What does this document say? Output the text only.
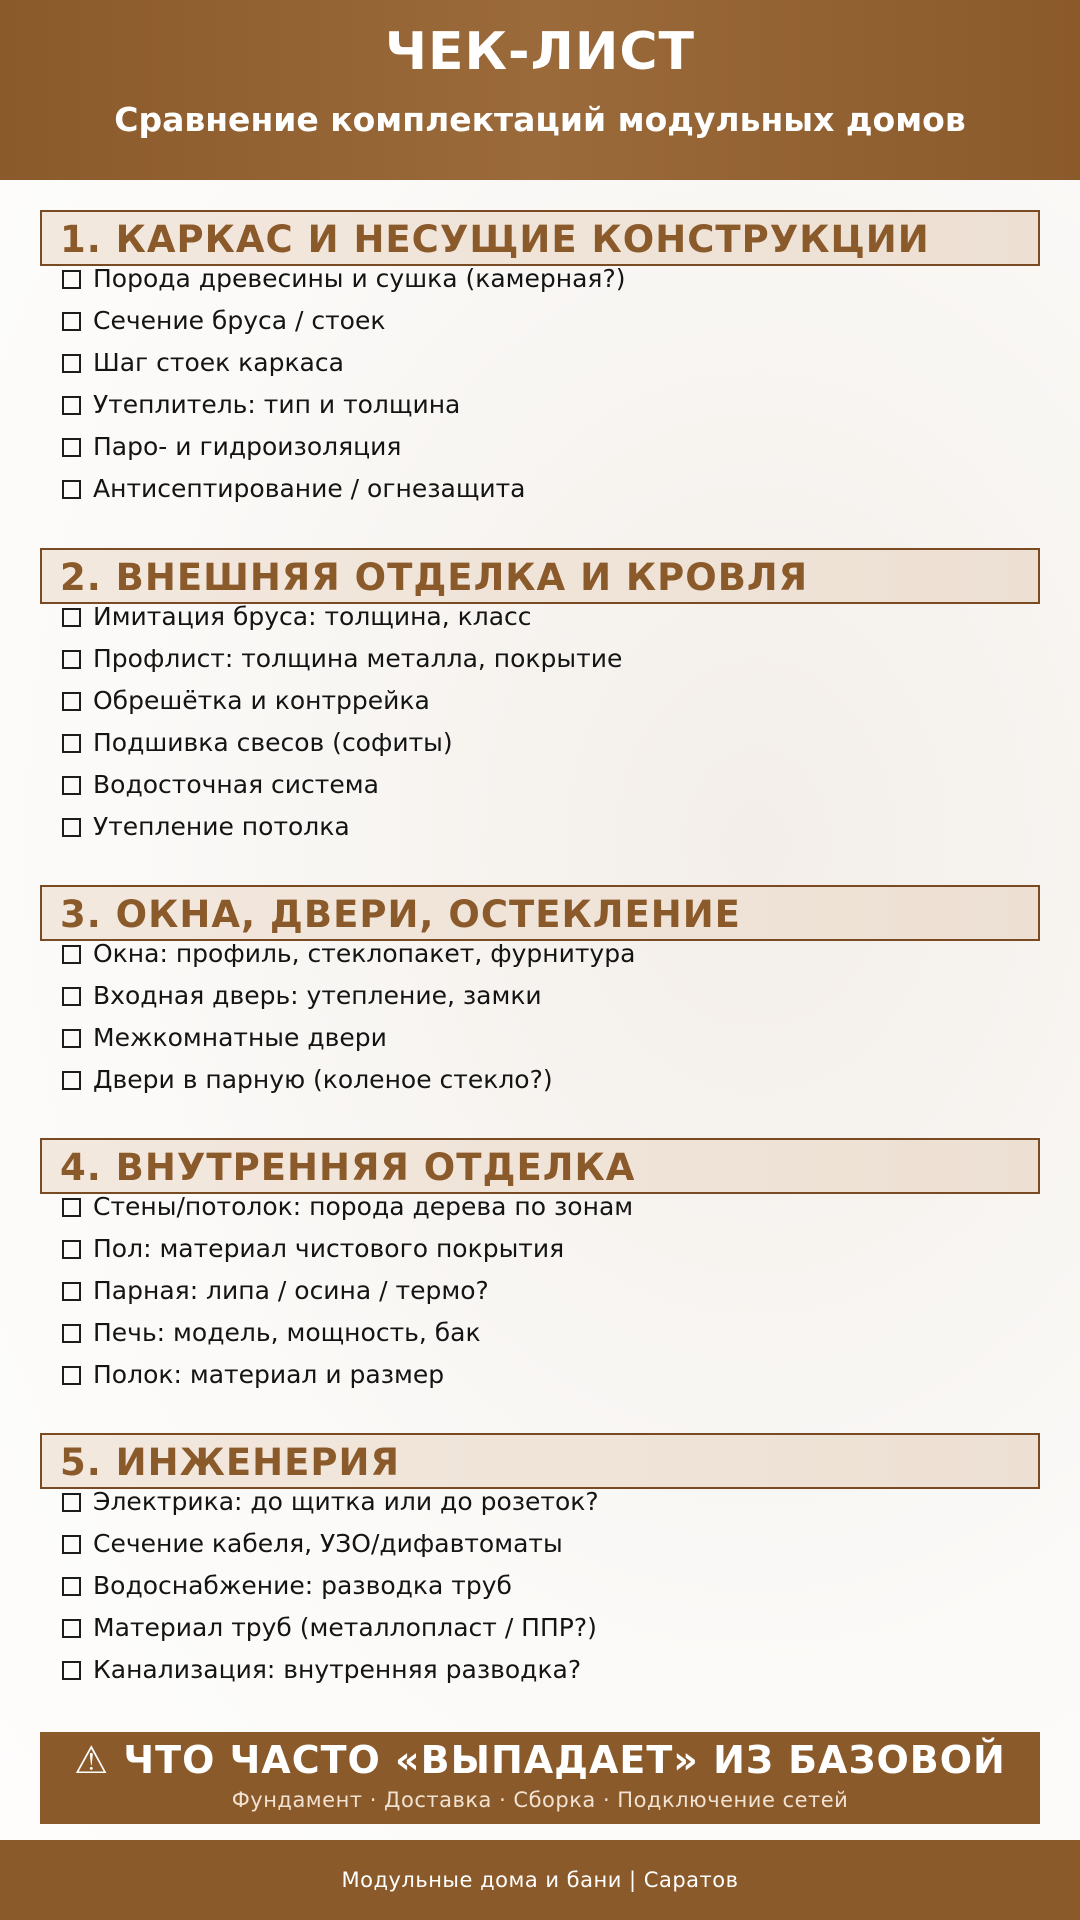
ЧЕК-ЛИСТ
Сравнение комплектаций модульных домов
1. КАРКАС И НЕСУЩИЕ КОНСТРУКЦИИ
Порода древесины и сушка (камерная?)
Сечение бруса / стоек
Шаг стоек каркаса
Утеплитель: тип и толщина
Паро- и гидроизоляция
Антисептирование / огнезащита
2. ВНЕШНЯЯ ОТДЕЛКА И КРОВЛЯ
Имитация бруса: толщина, класс
Профлист: толщина металла, покрытие
Обрешётка и контррейка
Подшивка свесов (софиты)
Водосточная система
Утепление потолка
3. ОКНА, ДВЕРИ, ОСТЕКЛЕНИЕ
Окна: профиль, стеклопакет, фурнитура
Входная дверь: утепление, замки
Межкомнатные двери
Двери в парную (коленое стекло?)
4. ВНУТРЕННЯЯ ОТДЕЛКА
Стены/потолок: порода дерева по зонам
Пол: материал чистового покрытия
Парная: липа / осина / термо?
Печь: модель, мощность, бак
Полок: материал и размер
5. ИНЖЕНЕРИЯ
Электрика: до щитка или до розеток?
Сечение кабеля, УЗО/дифавтоматы
Водоснабжение: разводка труб
Материал труб (металлопласт / ППР?)
Канализация: внутренняя разводка?
⚠ ЧТО ЧАСТО «ВЫПАДАЕТ» ИЗ БАЗОВОЙ
Фундамент · Доставка · Сборка · Подключение сетей
Модульные дома и бани | Саратов
